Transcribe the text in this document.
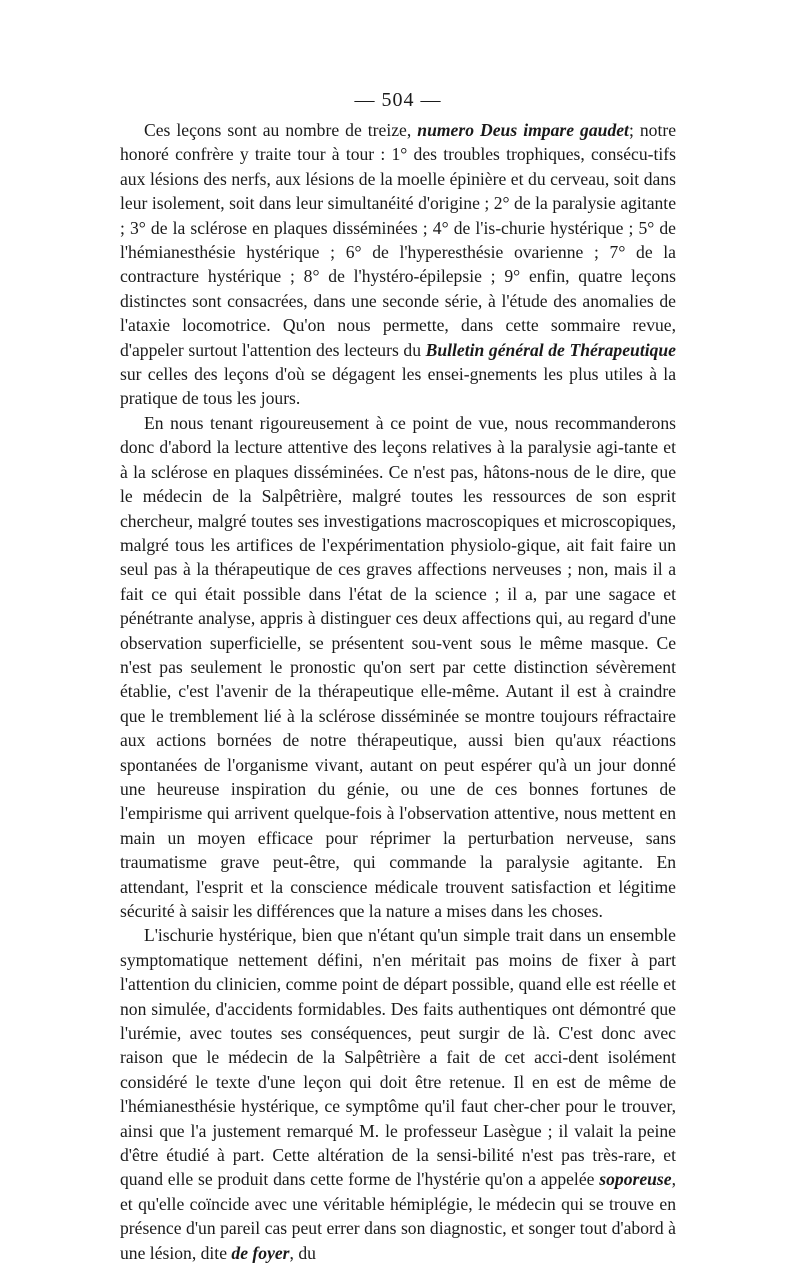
— 504 —

Ces leçons sont au nombre de treize, numero Deus impare gaudet; notre honoré confrère y traite tour à tour : 1° des troubles trophiques, consécu-tifs aux lésions des nerfs, aux lésions de la moelle épinière et du cerveau, soit dans leur isolement, soit dans leur simultanéité d'origine ; 2° de la paralysie agitante ; 3° de la sclérose en plaques disséminées ; 4° de l'is-churie hystérique ; 5° de l'hémianesthésie hystérique ; 6° de l'hyperesthésie ovarienne ; 7° de la contracture hystérique ; 8° de l'hystéro-épilepsie ; 9° enfin, quatre leçons distinctes sont consacrées, dans une seconde série, à l'étude des anomalies de l'ataxie locomotrice. Qu'on nous permette, dans cette sommaire revue, d'appeler surtout l'attention des lecteurs du Bulletin général de Thérapeutique sur celles des leçons d'où se dégagent les ensei-gnements les plus utiles à la pratique de tous les jours.

En nous tenant rigoureusement à ce point de vue, nous recommanderons donc d'abord la lecture attentive des leçons relatives à la paralysie agi-tante et à la sclérose en plaques disséminées. Ce n'est pas, hâtons-nous de le dire, que le médecin de la Salpêtrière, malgré toutes les ressources de son esprit chercheur, malgré toutes ses investigations macroscopiques et microscopiques, malgré tous les artifices de l'expérimentation physiolo-gique, ait fait faire un seul pas à la thérapeutique de ces graves affections nerveuses ; non, mais il a fait ce qui était possible dans l'état de la science ; il a, par une sagace et pénétrante analyse, appris à distinguer ces deux affections qui, au regard d'une observation superficielle, se présentent sou-vent sous le même masque. Ce n'est pas seulement le pronostic qu'on sert par cette distinction sévèrement établie, c'est l'avenir de la thérapeutique elle-même. Autant il est à craindre que le tremblement lié à la sclérose disséminée se montre toujours réfractaire aux actions bornées de notre thérapeutique, aussi bien qu'aux réactions spontanées de l'organisme vivant, autant on peut espérer qu'à un jour donné une heureuse inspiration du génie, ou une de ces bonnes fortunes de l'empirisme qui arrivent quelque-fois à l'observation attentive, nous mettent en main un moyen efficace pour réprimer la perturbation nerveuse, sans traumatisme grave peut-être, qui commande la paralysie agitante. En attendant, l'esprit et la conscience médicale trouvent satisfaction et légitime sécurité à saisir les différences que la nature a mises dans les choses.

L'ischurie hystérique, bien que n'étant qu'un simple trait dans un ensemble symptomatique nettement défini, n'en méritait pas moins de fixer à part l'attention du clinicien, comme point de départ possible, quand elle est réelle et non simulée, d'accidents formidables. Des faits authentiques ont démontré que l'urémie, avec toutes ses conséquences, peut surgir de là. C'est donc avec raison que le médecin de la Salpêtrière a fait de cet acci-dent isolément considéré le texte d'une leçon qui doit être retenue. Il en est de même de l'hémianesthésie hystérique, ce symptôme qu'il faut cher-cher pour le trouver, ainsi que l'a justement remarqué M. le professeur Lasègue ; il valait la peine d'être étudié à part. Cette altération de la sensi-bilité n'est pas très-rare, et quand elle se produit dans cette forme de l'hystérie qu'on a appelée soporeuse, et qu'elle coïncide avec une véritable hémiplégie, le médecin qui se trouve en présence d'un pareil cas peut errer dans son diagnostic, et songer tout d'abord à une lésion, dite de foyer, du
